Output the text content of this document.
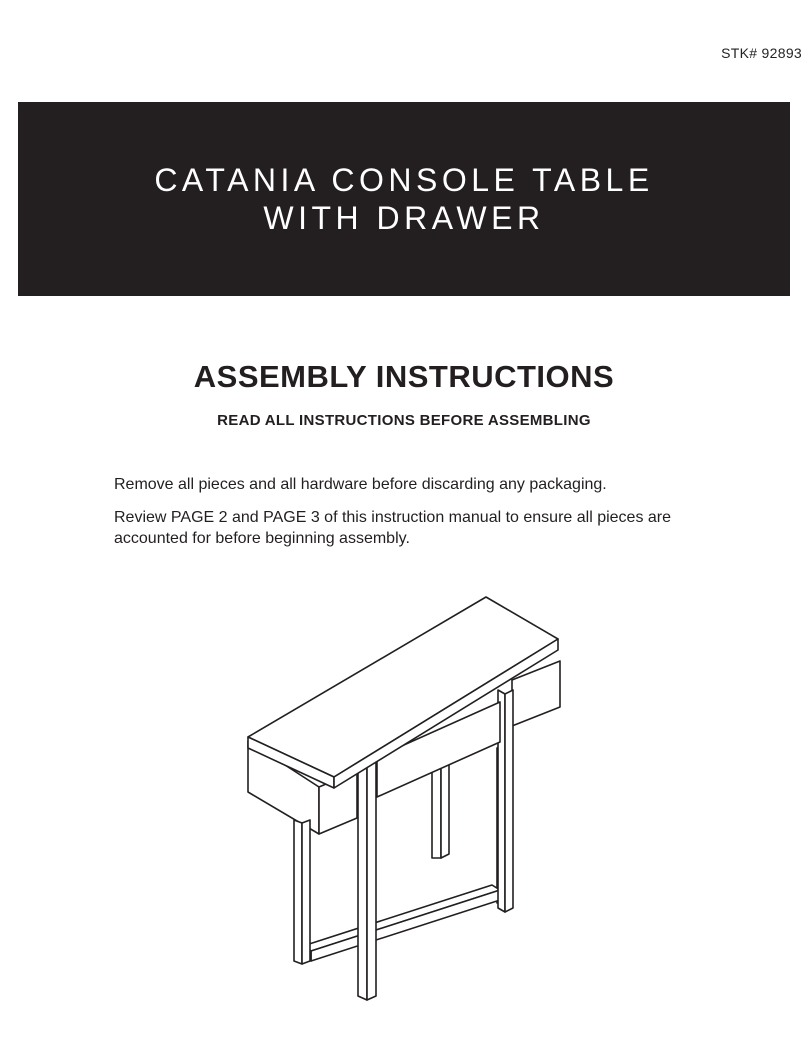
STK# 92893
CATANIA CONSOLE TABLE
WITH DRAWER
ASSEMBLY INSTRUCTIONS
READ ALL INSTRUCTIONS BEFORE ASSEMBLING
Remove all pieces and all hardware before discarding any packaging.
Review PAGE 2 and PAGE 3 of this instruction manual to ensure all pieces are accounted for before beginning assembly.
